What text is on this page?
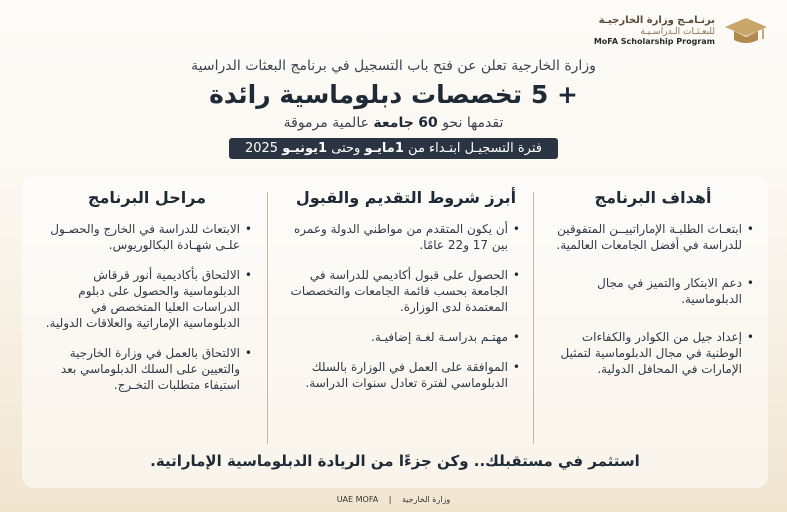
برنـامـج وزارة الخارجيـة
للبعـثـات الـدراسـيـة
MoFA Scholarship Program

وزارة الخارجية تعلن عن فتح باب التسجيل في برنامج البعثات الدراسية

+ 5 تخصصات دبلوماسية رائدة

تقدمها نحو 60 جامعة عالمية مرموقة

فترة التسجيـل ابتـداء من 1مايـو وحتى 1يونيـو 2025
أهداف البرنامج
• ابتعـاث الطلبـة الإماراتييــن المتفوقين للدراسة في أفضل الجامعات العالمية.
• دعم الابتكار والتميز في مجال الدبلوماسية.
• إعداد جيل من الكوادر والكفاءات الوطنية في مجال الدبلوماسية لتمثيل الإمارات في المحافل الدولية.
أبرز شروط التقديم والقبول
• أن يكون المتقدم من مواطني الدولة وعمره بين 17 و22 عامًا.
• الحصول على قبول أكاديمي للدراسة في الجامعة بحسب قائمة الجامعات والتخصصات المعتمدة لدى الوزارة.
• مهتـم بدراسـة لغـة إضافيـة.
• الموافقة على العمل في الوزارة بالسلك الدبلوماسي لفترة تعادل سنوات الدراسة.
مراحل البرنامج
• الابتعاث للدراسة في الخارج والحصـول علـى شهـادة البكالوريوس.
• الالتحاق بأكاديمية أنور قرقاش الدبلوماسية والحصول على دبلوم الدراسات العليا المتخصص في الدبلوماسية الإماراتية والعلاقات الدولية.
• الالتحاق بالعمل في وزارة الخارجية والتعيين على السلك الدبلوماسي بعد استيفاء متطلبات التخـرج.
استثمر في مستقبلك.. وكن جزءًا من الريادة الدبلوماسية الإماراتية.
UAE MOFA | وزارة الخارجية
